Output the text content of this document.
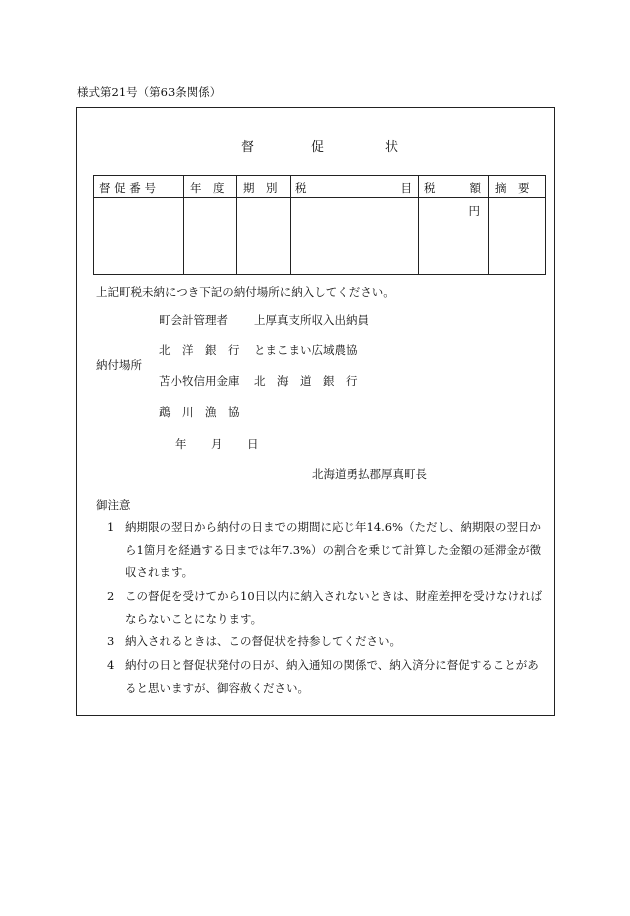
様式第21号（第63条関係）
督	促	状
督 促 番 号	年　度	期　別	税 目	税 額	摘　要

				円	
上記町税未納につき下記の納付場所に納入してください。
納付場所
町会計管理者 上厚真支所収入出納員
北　洋　銀　行 とまこまい広域農協
苫小牧信用金庫 北　海　道　銀　行
鵡　川　漁　協
年 月 日
北海道勇払郡厚真町長
御注意
1 納期限の翌日から納付の日までの期間に応じ年14.6%（ただし、納期限の翌日から1箇月を経過する日までは年7.3%）の割合を乗じて計算した金額の延滞金が徴収されます。
2 この督促を受けてから10日以内に納入されないときは、財産差押を受けなければならないことになります。
3 納入されるときは、この督促状を持参してください。
4 納付の日と督促状発付の日が、納入通知の関係で、納入済分に督促することがあると思いますが、御容赦ください。
